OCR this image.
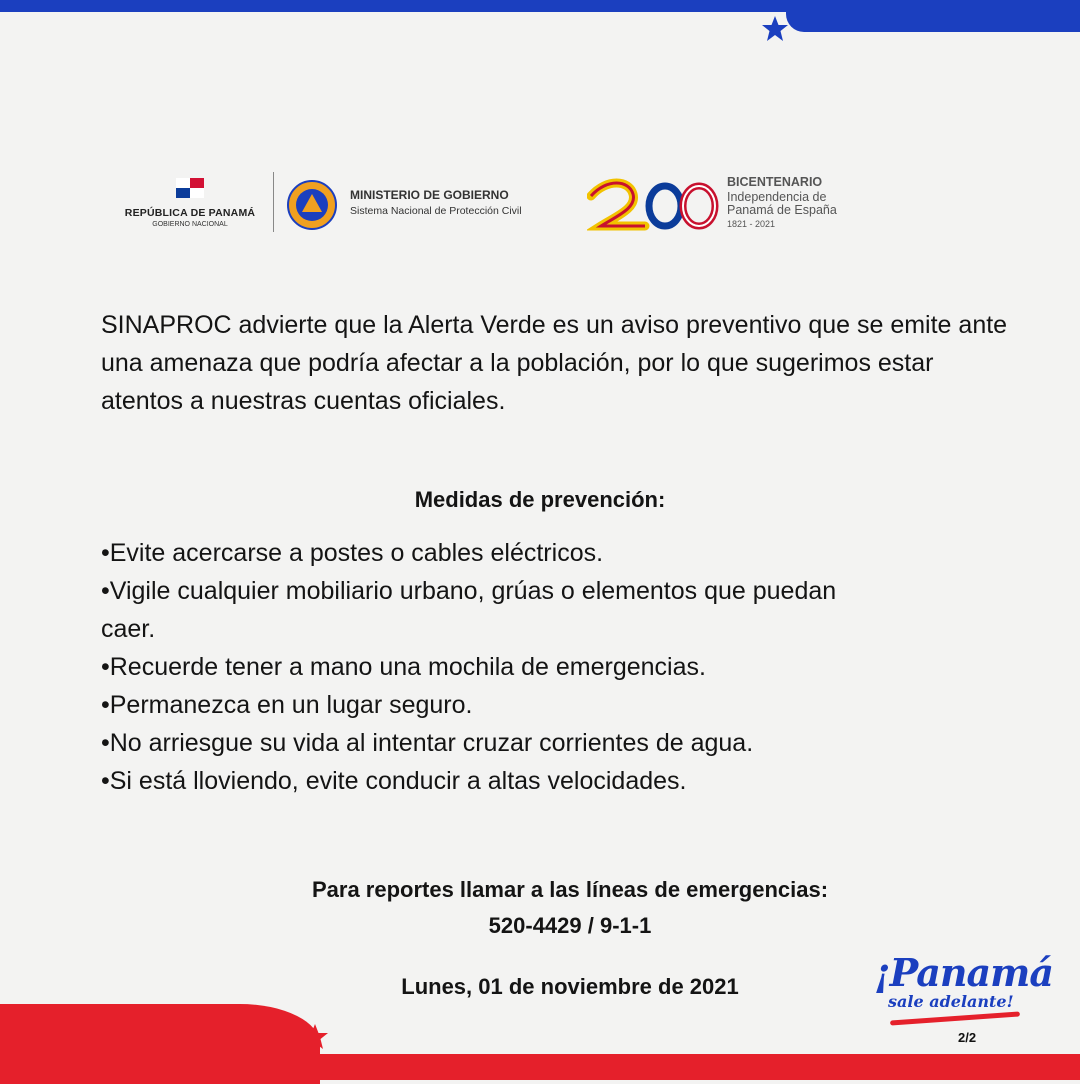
REPÚBLICA DE PANAMÁ
GOBIERNO NACIONAL
MINISTERIO DE GOBIERNO
Sistema Nacional de Protección Civil
BICENTENARIO
Independencia de
Panamá de España
1821 - 2021

SINAPROC advierte que la Alerta Verde es un aviso preventivo que se emite ante una amenaza que podría afectar a la población, por lo que sugerimos estar atentos a nuestras cuentas oficiales.

Medidas de prevención:
•Evite acercarse a postes o cables eléctricos.
•Vigile cualquier mobiliario urbano, grúas o elementos que puedan caer.
•Recuerde tener a mano una mochila de emergencias.
•Permanezca en un lugar seguro.
•No arriesgue su vida al intentar cruzar corrientes de agua.
•Si está lloviendo, evite conducir a altas velocidades.
Para reportes llamar a las líneas de emergencias:
520-4429 / 9-1-1
Lunes, 01 de noviembre de 2021	¡Panamá
sale adelante!
2/2
